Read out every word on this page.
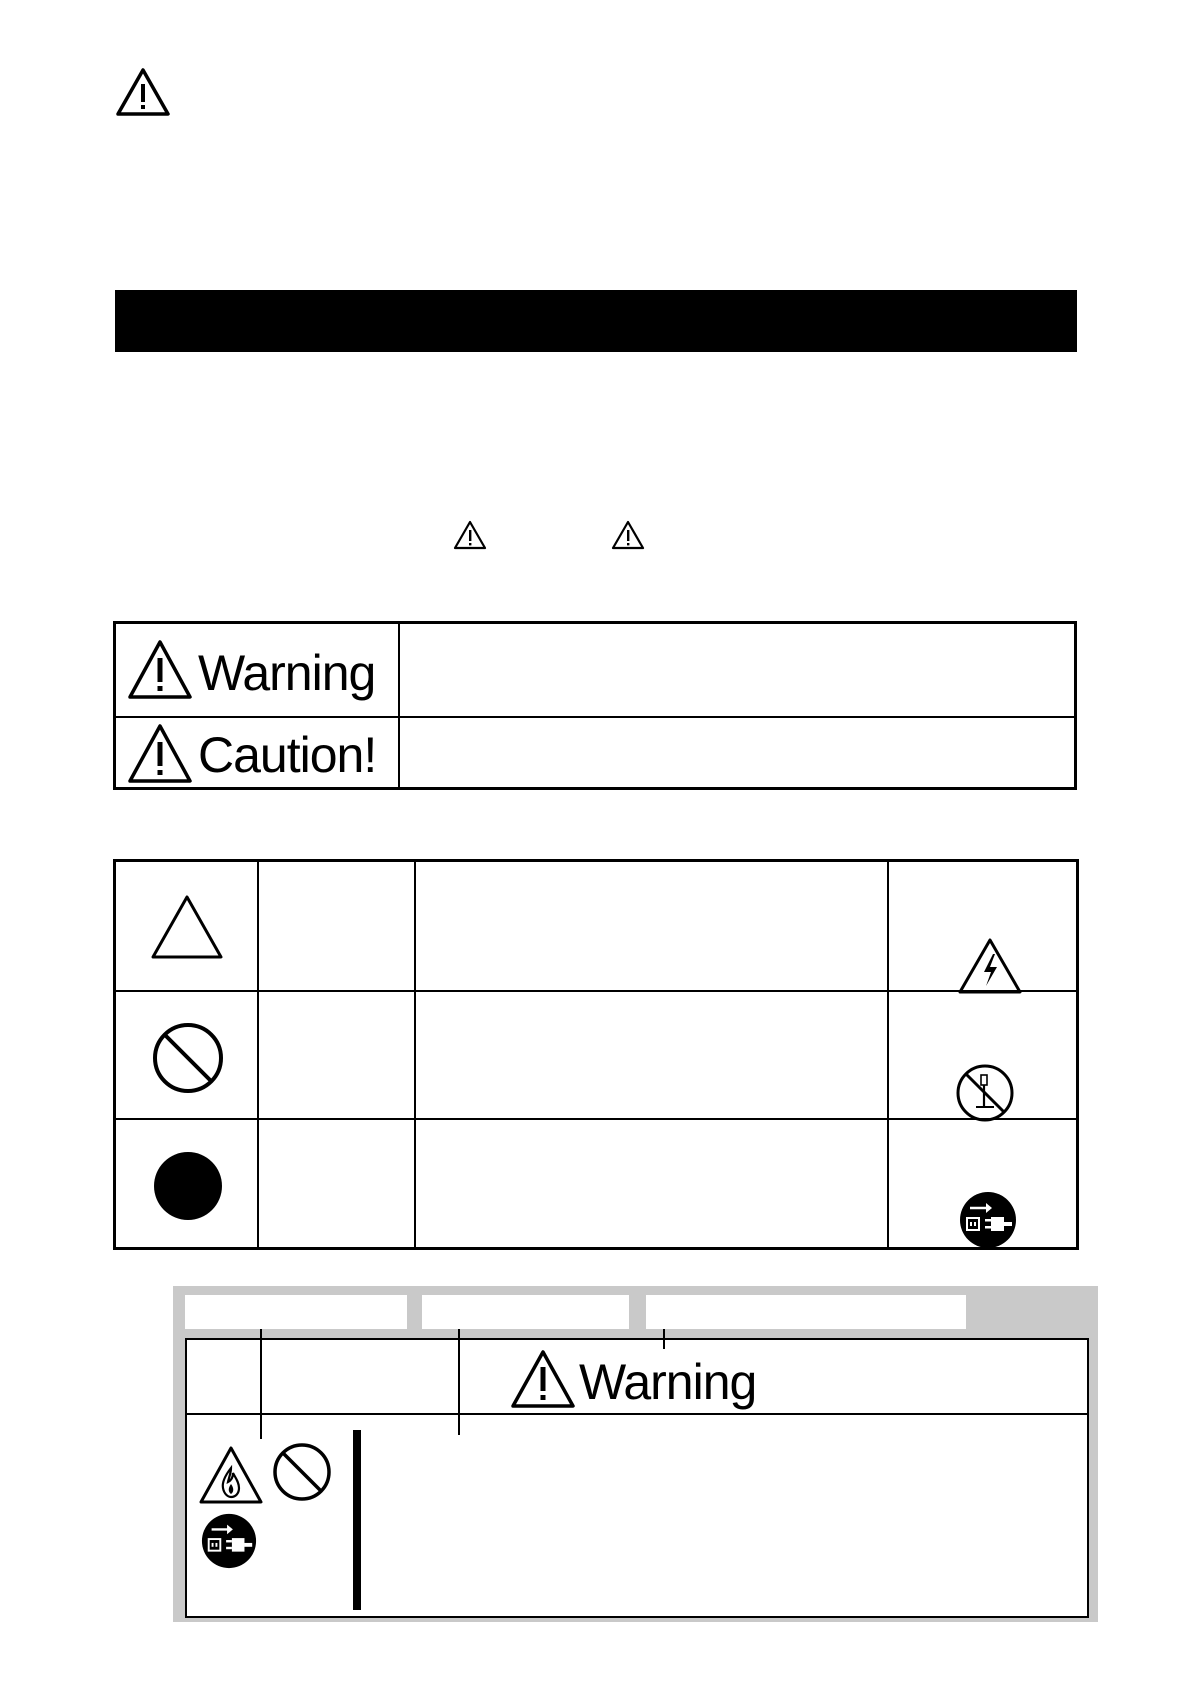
Warning
Caution!
Warning
